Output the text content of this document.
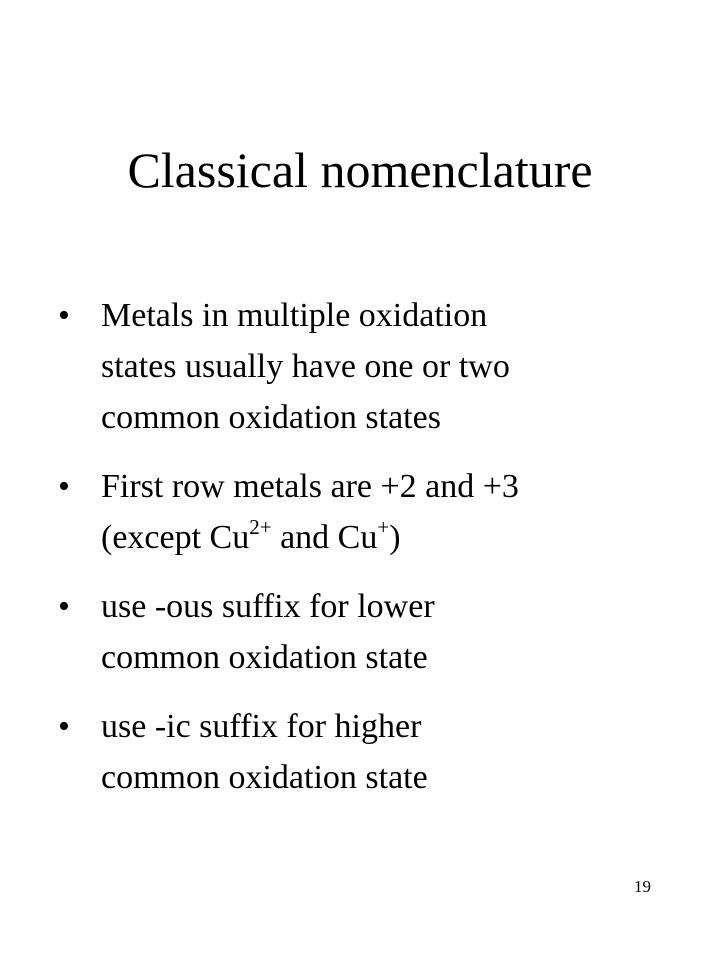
Classical nomenclature
• Metals in multiple oxidation
states usually have one or two
common oxidation states
• First row metals are +2 and +3
(except $Cu^{2+}$ and Cu+)
• use -ous suffix for lower
common oxidation state
• use -ic suffix for higher
common oxidation state
19
